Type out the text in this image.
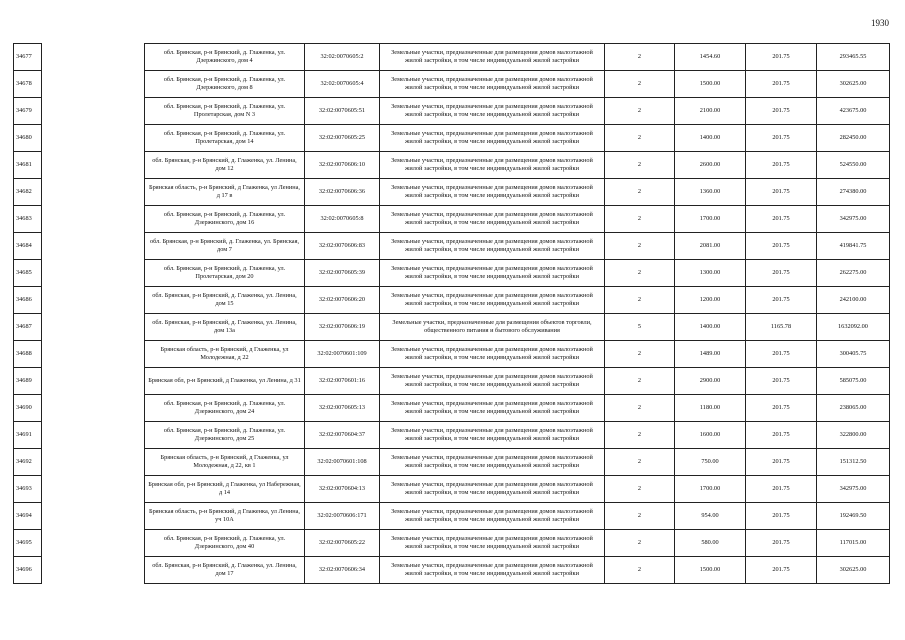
1930
34677		обл. Брянская, р-н Брянский, д. Глаженка, ул. Дзержинского, дом 4	32:02:0070605:2	Земельные участки, предназначенные для размещения домов малоэтажной жилой застройки, в том числе индивидуальной жилой застройки	2	1454.60	201.75	293465.55
34678		обл. Брянская, р-н Брянский, д. Глаженка, ул. Дзержинского, дом 8	32:02:0070605:4	Земельные участки, предназначенные для размещения домов малоэтажной жилой застройки, в том числе индивидуальной жилой застройки	2	1500.00	201.75	302625.00
34679		обл. Брянская, р-н Брянский, д. Глаженка, ул. Пролетарская, дом N 3	32:02:0070605:51	Земельные участки, предназначенные для размещения домов малоэтажной жилой застройки, в том числе индивидуальной жилой застройки	2	2100.00	201.75	423675.00
34680		обл. Брянская, р-н Брянский, д. Глаженка, ул. Пролетарская, дом 14	32:02:0070605:25	Земельные участки, предназначенные для размещения домов малоэтажной жилой застройки, в том числе индивидуальной жилой застройки	2	1400.00	201.75	282450.00
34681		обл. Брянская, р-н Брянский, д. Глаженка, ул. Ленина, дом 12	32:02:0070606:10	Земельные участки, предназначенные для размещения домов малоэтажной жилой застройки, в том числе индивидуальной жилой застройки	2	2600.00	201.75	524550.00
34682		Брянская область, р-н Брянский, д Глаженка, ул Ленина, д 17 в	32:02:0070606:36	Земельные участки, предназначенные для размещения домов малоэтажной жилой застройки, в том числе индивидуальной жилой застройки	2	1360.00	201.75	274380.00
34683		обл. Брянская, р-н Брянский, д. Глаженка, ул. Дзержинского, дом 16	32:02:0070605:8	Земельные участки, предназначенные для размещения домов малоэтажной жилой застройки, в том числе индивидуальной жилой застройки	2	1700.00	201.75	342975.00
34684		обл. Брянская, р-н Брянский, д. Глаженка, ул. Брянская, дом 7	32:02:0070606:83	Земельные участки, предназначенные для размещения домов малоэтажной жилой застройки, в том числе индивидуальной жилой застройки	2	2081.00	201.75	419841.75
34685		обл. Брянская, р-н Брянский, д. Глаженка, ул. Пролетарская, дом 20	32:02:0070605:39	Земельные участки, предназначенные для размещения домов малоэтажной жилой застройки, в том числе индивидуальной жилой застройки	2	1300.00	201.75	262275.00
34686		обл. Брянская, р-н Брянский, д. Глаженка, ул. Ленина, дом 15	32:02:0070606:20	Земельные участки, предназначенные для размещения домов малоэтажной жилой застройки, в том числе индивидуальной жилой застройки	2	1200.00	201.75	242100.00
34687		обл. Брянская, р-н Брянский, д. Глаженка, ул. Ленина, дом 13а	32:02:0070606:19	Земельные участки, предназначенные для размещения объектов торговли, общественного питания и бытового обслуживания	5	1400.00	1165.78	1632092.00
34688		Брянская область, р-н Брянский, д Глаженка, ул Молодежная, д 22	32:02:0070601:109	Земельные участки, предназначенные для размещения домов малоэтажной жилой застройки, в том числе индивидуальной жилой застройки	2	1489.00	201.75	300405.75
34689		Брянская обл, р-н Брянский, д Глаженка, ул Ленина, д 31	32:02:0070601:16	Земельные участки, предназначенные для размещения домов малоэтажной жилой застройки, в том числе индивидуальной жилой застройки	2	2900.00	201.75	585075.00
34690		обл. Брянская, р-н Брянский, д. Глаженка, ул. Дзержинского, дом 24	32:02:0070605:13	Земельные участки, предназначенные для размещения домов малоэтажной жилой застройки, в том числе индивидуальной жилой застройки	2	1180.00	201.75	238065.00
34691		обл. Брянская, р-н Брянский, д. Глаженка, ул. Дзержинского, дом 25	32:02:0070604:37	Земельные участки, предназначенные для размещения домов малоэтажной жилой застройки, в том числе индивидуальной жилой застройки	2	1600.00	201.75	322800.00
34692		Брянская область, р-н Брянский, д Глаженка, ул Молодежная, д 22, кв 1	32:02:0070601:108	Земельные участки, предназначенные для размещения домов малоэтажной жилой застройки, в том числе индивидуальной жилой застройки	2	750.00	201.75	151312.50
34693		Брянская обл, р-н Брянский, д Глаженка, ул Набережная, д 14	32:02:0070604:13	Земельные участки, предназначенные для размещения домов малоэтажной жилой застройки, в том числе индивидуальной жилой застройки	2	1700.00	201.75	342975.00
34694		Брянская область, р-н Брянский, д Глаженка, ул Ленина, уч 10А	32:02:0070606:171	Земельные участки, предназначенные для размещения домов малоэтажной жилой застройки, в том числе индивидуальной жилой застройки	2	954.00	201.75	192469.50
34695		обл. Брянская, р-н Брянский, д. Глаженка, ул. Дзержинского, дом 40	32:02:0070605:22	Земельные участки, предназначенные для размещения домов малоэтажной жилой застройки, в том числе индивидуальной жилой застройки	2	580.00	201.75	117015.00
34696		обл. Брянская, р-н Брянский, д. Глаженка, ул. Ленина, дом 17	32:02:0070606:34	Земельные участки, предназначенные для размещения домов малоэтажной жилой застройки, в том числе индивидуальной жилой застройки	2	1500.00	201.75	302625.00
